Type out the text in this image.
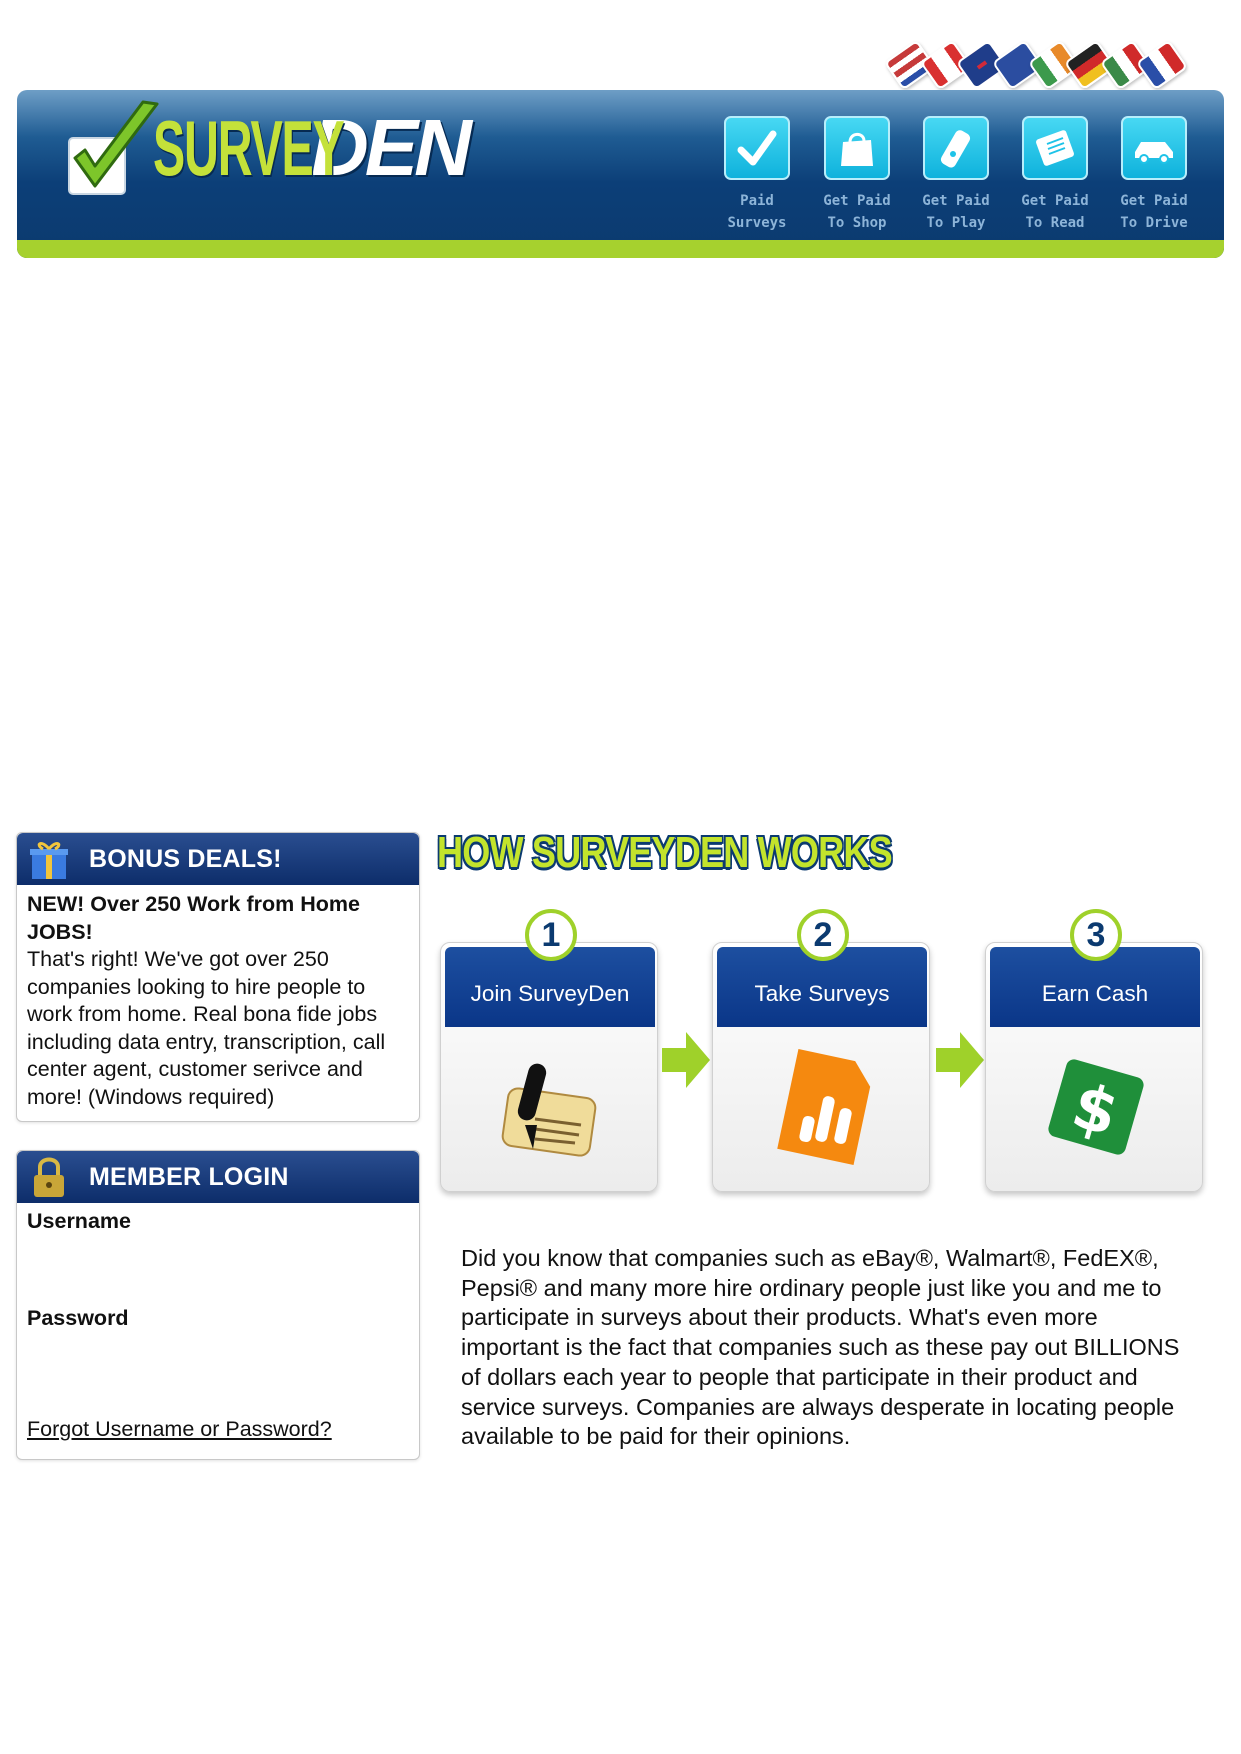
SURVEY
DEN
Paid
Surveys
Get Paid
To Shop
Get Paid
To Play
Get Paid
To Read
Get Paid
To Drive
BONUS DEALS!
NEW! Over 250 Work from Home JOBS!
That's right! We've got over 250 companies looking to hire people to work from home. Real bona fide jobs including data entry, transcription, call center agent, customer serivce and more! (Windows required)
MEMBER LOGIN
Username
Password
Forgot Username or Password?
HOW SURVEYDEN WORKS
Join SurveyDen
1
Take Surveys
2
Earn Cash
3
$
Did you know that companies such as eBay®, Walmart®, FedEX®, Pepsi® and many more hire ordinary people just like you and me to participate in surveys about their products. What's even more important is the fact that companies such as these pay out BILLIONS of dollars each year to people that participate in their product and service surveys. Companies are always desperate in locating people available to be paid for their opinions.
